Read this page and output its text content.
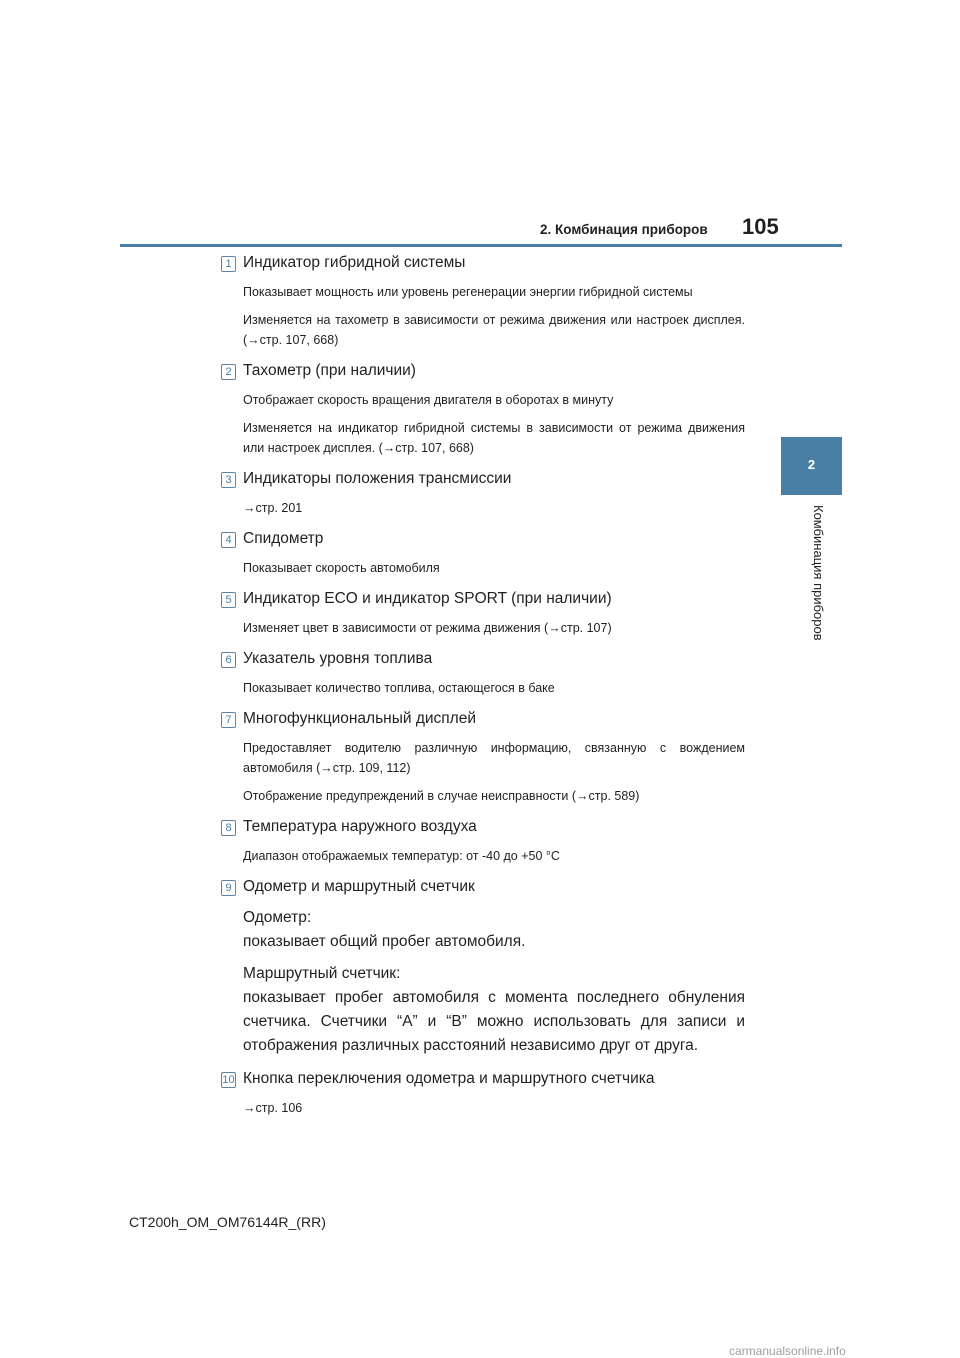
2. Комбинация приборов 105
2
Комбинация приборов
1 Индикатор гибридной системы
Показывает мощность или уровень регенерации энергии гибридной системы
Изменяется на тахометр в зависимости от режима движения или настроек дисплея. (→стр. 107, 668)
2 Тахометр (при наличии)
Отображает скорость вращения двигателя в оборотах в минуту
Изменяется на индикатор гибридной системы в зависимости от режима движения или настроек дисплея. (→стр. 107, 668)
3 Индикаторы положения трансмиссии
→стр. 201
4 Спидометр
Показывает скорость автомобиля
5 Индикатор ECO и индикатор SPORT (при наличии)
Изменяет цвет в зависимости от режима движения (→стр. 107)
6 Указатель уровня топлива
Показывает количество топлива, остающегося в баке
7 Многофункциональный дисплей
Предоставляет водителю различную информацию, связанную с вождением автомобиля (→стр. 109, 112)
Отображение предупреждений в случае неисправности (→стр. 589)
8 Температура наружного воздуха
Диапазон отображаемых температур: от -40 до +50 °C
9 Одометр и маршрутный счетчик
Одометр:
показывает общий пробег автомобиля.
Маршрутный счетчик:
показывает пробег автомобиля с момента последнего обнуления счетчика. Счетчики “A” и “B” можно использовать для записи и отображения различных расстояний независимо друг от друга.
10 Кнопка переключения одометра и маршрутного счетчика
→стр. 106
CT200h_OM_OM76144R_(RR)
carmanualsonline.info
